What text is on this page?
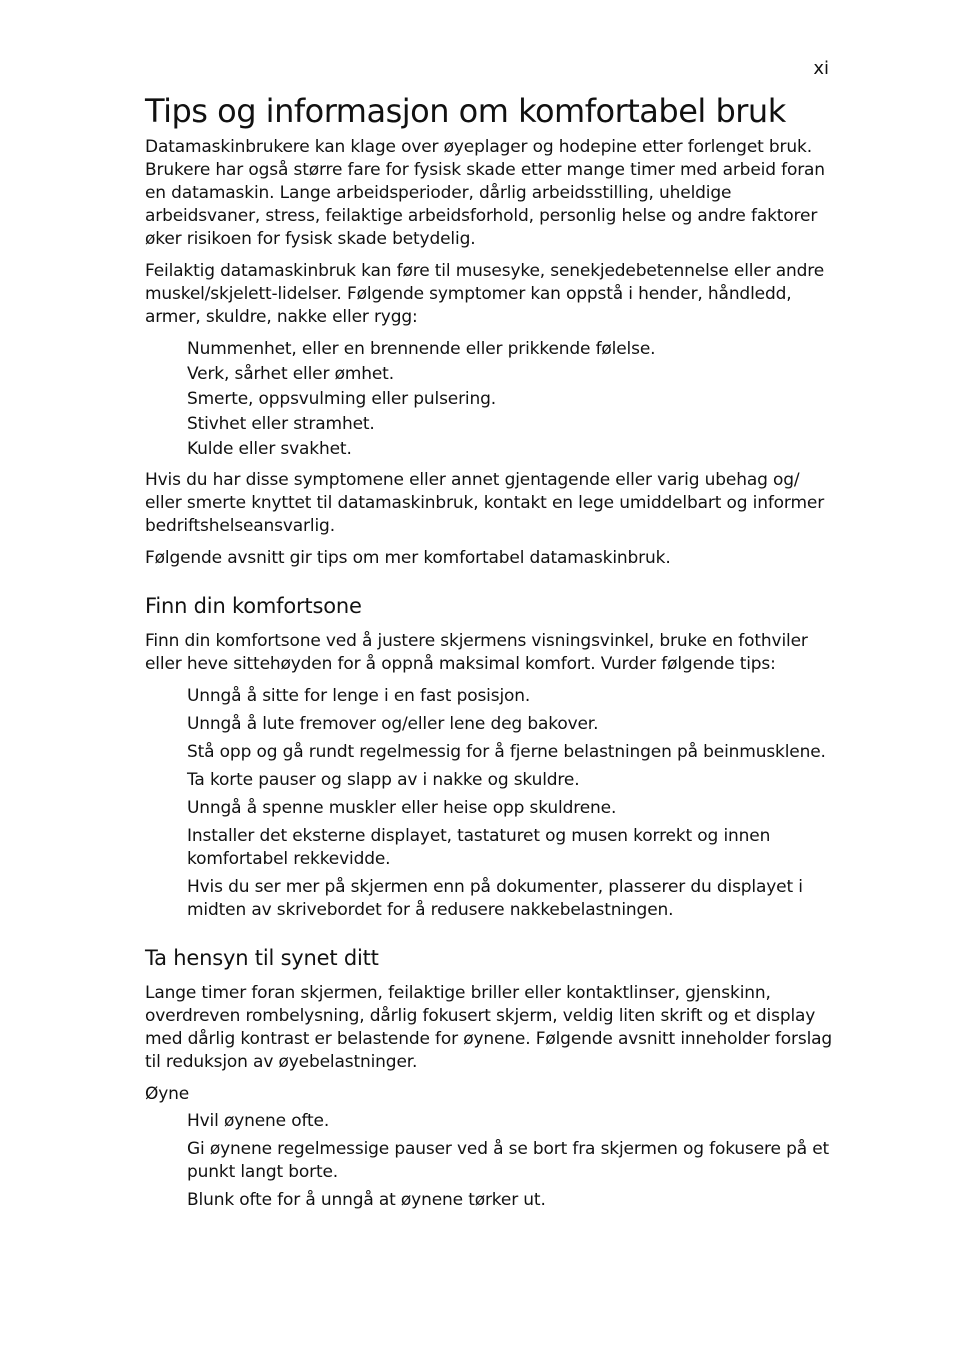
xi
Tips og informasjon om komfortabel bruk

Datamaskinbrukere kan klage over øyeplager og hodepine etter forlenget bruk. Brukere har også større fare for fysisk skade etter mange timer med arbeid foran en datamaskin. Lange arbeidsperioder, dårlig arbeidsstilling, uheldige arbeidsvaner, stress, feilaktige arbeidsforhold, personlig helse og andre faktorer øker risikoen for fysisk skade betydelig.

Feilaktig datamaskinbruk kan føre til musesyke, senekjedebetennelse eller andre muskel/skjelett-lidelser. Følgende symptomer kan oppstå i hender, håndledd, armer, skuldre, nakke eller rygg:

Nummenhet, eller en brennende eller prikkende følelse.
Verk, sårhet eller ømhet.
Smerte, oppsvulming eller pulsering.
Stivhet eller stramhet.
Kulde eller svakhet.

Hvis du har disse symptomene eller annet gjentagende eller varig ubehag og/ eller smerte knyttet til datamaskinbruk, kontakt en lege umiddelbart og informer bedriftshelseansvarlig.

Følgende avsnitt gir tips om mer komfortabel datamaskinbruk.

Finn din komfortsone

Finn din komfortsone ved å justere skjermens visningsvinkel, bruke en fothviler eller heve sittehøyden for å oppnå maksimal komfort. Vurder følgende tips:

Unngå å sitte for lenge i en fast posisjon.
Unngå å lute fremover og/eller lene deg bakover.
Stå opp og gå rundt regelmessig for å fjerne belastningen på beinmusklene.
Ta korte pauser og slapp av i nakke og skuldre.
Unngå å spenne muskler eller heise opp skuldrene.
Installer det eksterne displayet, tastaturet og musen korrekt og innen komfortabel rekkevidde.
Hvis du ser mer på skjermen enn på dokumenter, plasserer du displayet i midten av skrivebordet for å redusere nakkebelastningen.
Ta hensyn til synet ditt

Lange timer foran skjermen, feilaktige briller eller kontaktlinser, gjenskinn, overdreven rombelysning, dårlig fokusert skjerm, veldig liten skrift og et display med dårlig kontrast er belastende for øynene. Følgende avsnitt inneholder forslag til reduksjon av øyebelastninger.

Øyne

Hvil øynene ofte.
Gi øynene regelmessige pauser ved å se bort fra skjermen og fokusere på et punkt langt borte.
Blunk ofte for å unngå at øynene tørker ut.
